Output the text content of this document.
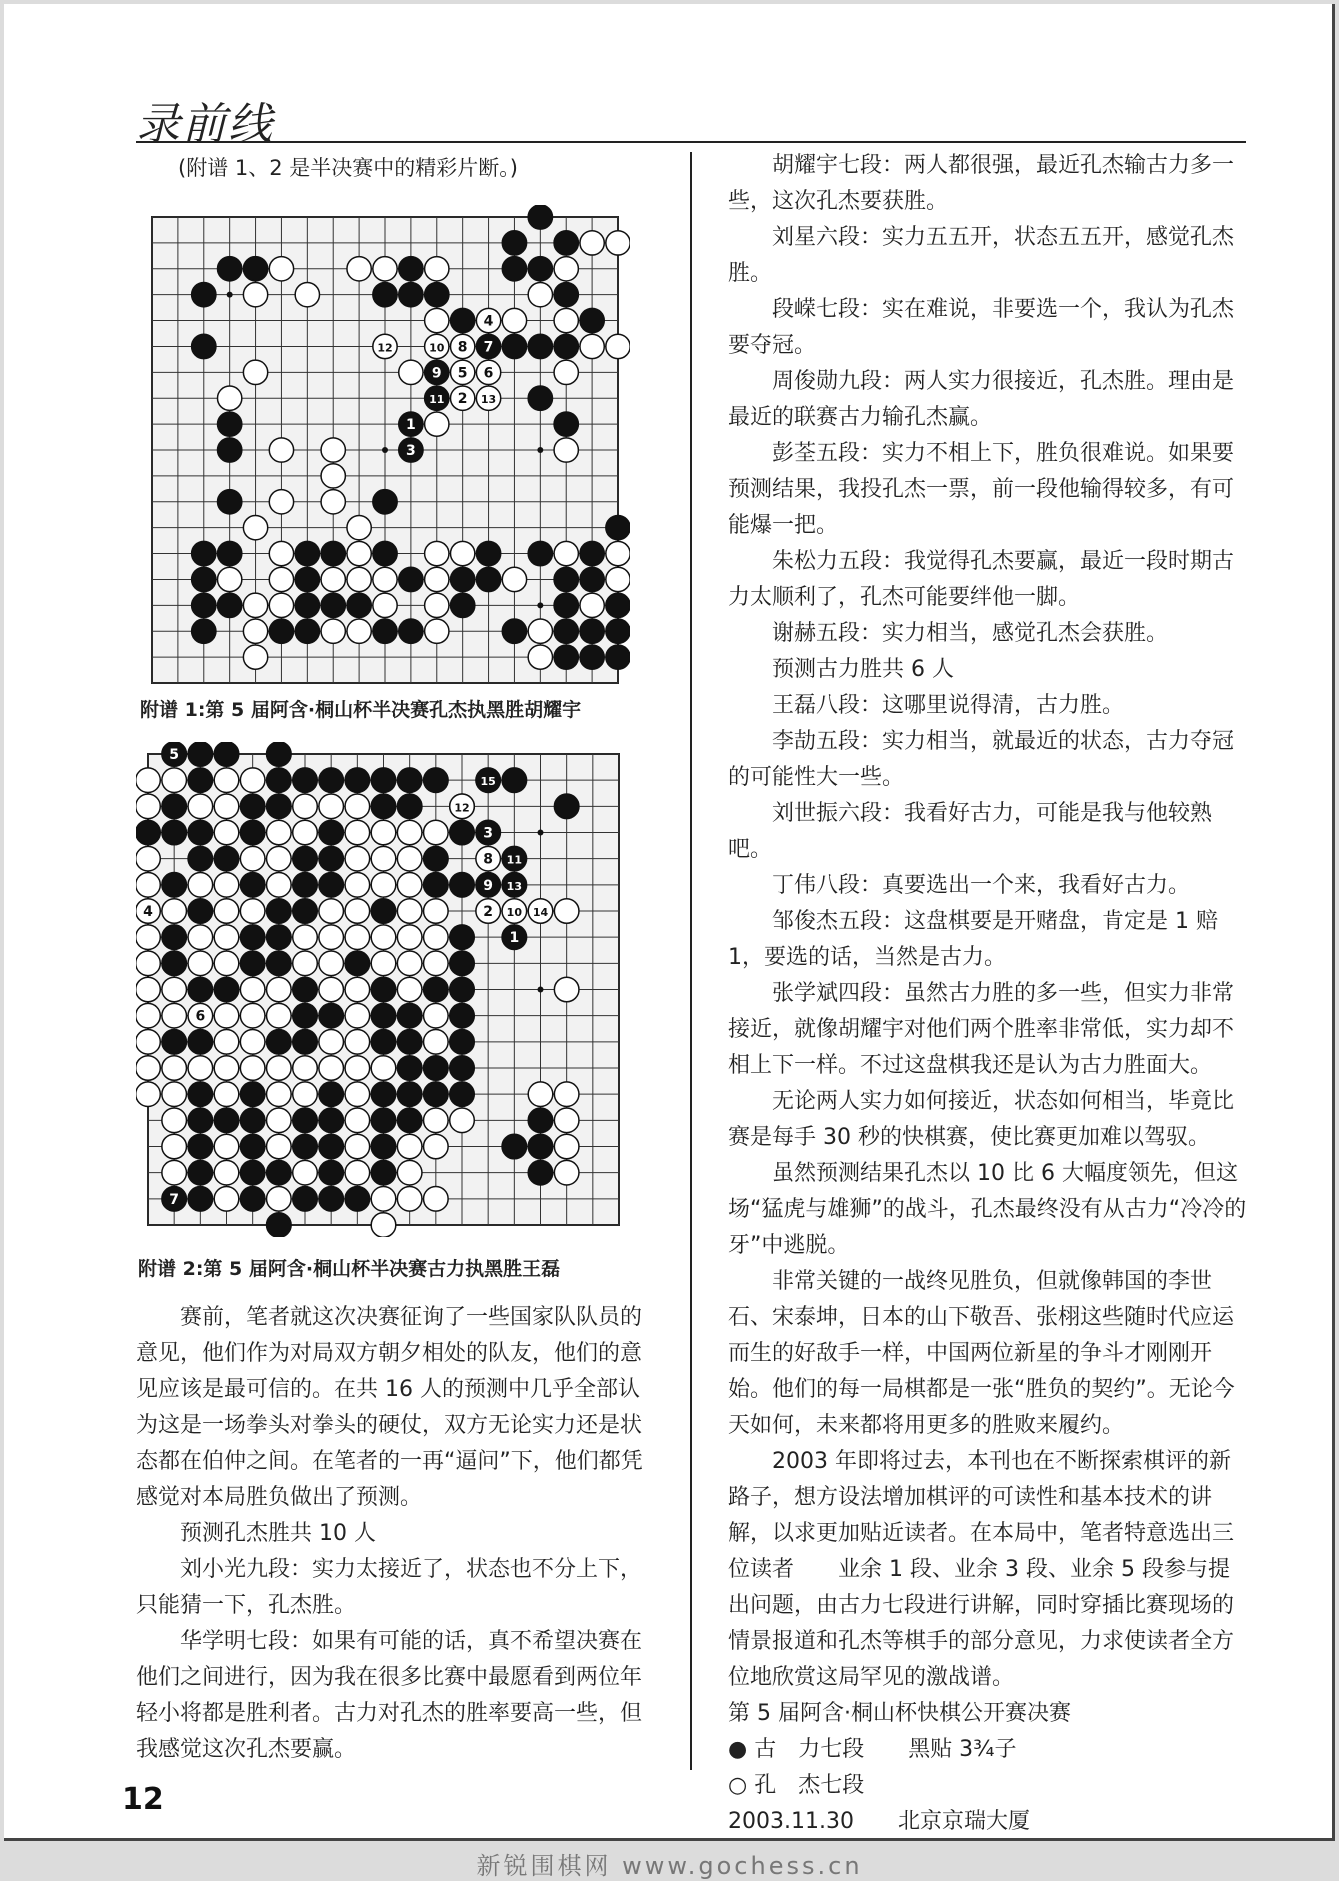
录前线
(附谱 1、2 是半决赛中的精彩片断。)
12	10 8 7
4
9 5 6
11 2 13
1
3
附谱 1:第 5 届阿含·桐山杯半决赛孔杰执黑胜胡耀宇
5
15
12
3
8 11
9 13
2 10 14
4
1
6
7
附谱 2:第 5 届阿含·桐山杯半决赛古力执黑胜王磊

赛前，笔者就这次决赛征询了一些国家队队员的意见，他们作为对局双方朝夕相处的队友，他们的意见应该是最可信的。在共 16 人的预测中几乎全部认为这是一场拳头对拳头的硬仗，双方无论实力还是状态都在伯仲之间。在笔者的一再“逼问”下，他们都凭感觉对本局胜负做出了预测。

预测孔杰胜共 10 人

刘小光九段：实力太接近了，状态也不分上下，只能猜一下，孔杰胜。

华学明七段：如果有可能的话，真不希望决赛在他们之间进行，因为我在很多比赛中最愿看到两位年轻小将都是胜利者。古力对孔杰的胜率要高一些，但我感觉这次孔杰要赢。

胡耀宇七段：两人都很强，最近孔杰输古力多一些，这次孔杰要获胜。

刘星六段：实力五五开，状态五五开，感觉孔杰胜。

段嵘七段：实在难说，非要选一个，我认为孔杰要夺冠。

周俊勋九段：两人实力很接近，孔杰胜。理由是最近的联赛古力输孔杰赢。

彭荃五段：实力不相上下，胜负很难说。如果要预测结果，我投孔杰一票，前一段他输得较多，有可能爆一把。

朱松力五段：我觉得孔杰要赢，最近一段时期古力太顺利了，孔杰可能要绊他一脚。

谢赫五段：实力相当，感觉孔杰会获胜。

预测古力胜共 6 人

王磊八段：这哪里说得清，古力胜。

李劼五段：实力相当，就最近的状态，古力夺冠的可能性大一些。

刘世振六段：我看好古力，可能是我与他较熟吧。

丁伟八段：真要选出一个来，我看好古力。

邹俊杰五段：这盘棋要是开赌盘，肯定是 1 赔 1，要选的话，当然是古力。

张学斌四段：虽然古力胜的多一些，但实力非常接近，就像胡耀宇对他们两个胜率非常低，实力却不相上下一样。不过这盘棋我还是认为古力胜面大。

无论两人实力如何接近，状态如何相当，毕竟比赛是每手 30 秒的快棋赛，使比赛更加难以驾驭。

虽然预测结果孔杰以 10 比 6 大幅度领先，但这场“猛虎与雄狮”的战斗，孔杰最终没有从古力“冷冷的牙”中逃脱。

非常关键的一战终见胜负，但就像韩国的李世石、宋泰坤，日本的山下敬吾、张栩这些随时代应运而生的好敌手一样，中国两位新星的争斗才刚刚开始。他们的每一局棋都是一张“胜负的契约”。无论今天如何，未来都将用更多的胜败来履约。

2003 年即将过去，本刊也在不断探索棋评的新路子，想方设法增加棋评的可读性和基本技术的讲解，以求更加贴近读者。在本局中，笔者特意选出三位读者　　业余 1 段、业余 3 段、业余 5 段参与提出问题，由古力七段进行讲解，同时穿插比赛现场的情景报道和孔杰等棋手的部分意见，力求使读者全方位地欣赏这局罕见的激战谱。

第 5 届阿含·桐山杯快棋公开赛决赛

● 古　力七段　　黑贴 3¾子

○ 孔　杰七段

2003.11.30　　北京京瑞大厦

12
新锐围棋网 www.gochess.cn
